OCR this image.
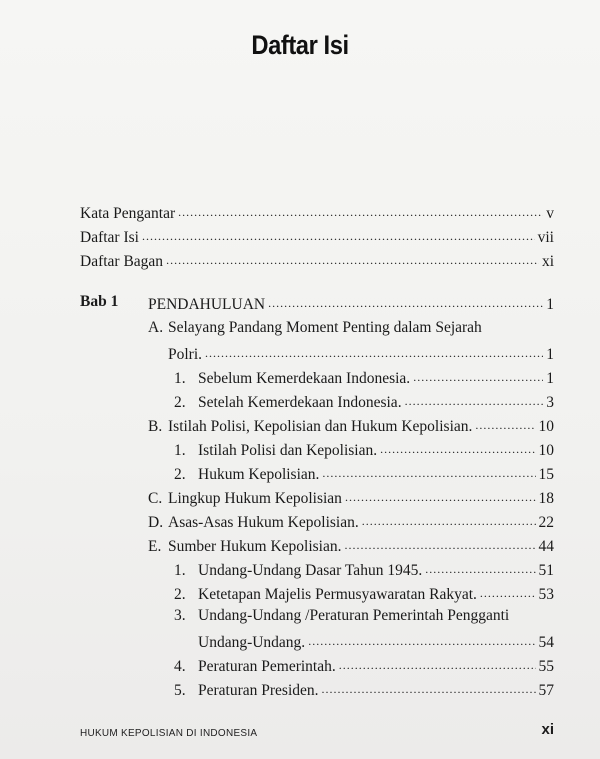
Daftar Isi
Kata Pengantar .....	v
Daftar Isi .....	vii
Daftar Bagan .....	xi
Bab 1 PENDAHULUAN .....	1
A. Selayang Pandang Moment Penting dalam Sejarah
Polri. .....	1
1. Sebelum Kemerdekaan Indonesia. .....	1
2. Setelah Kemerdekaan Indonesia. .....	3
B. Istilah Polisi, Kepolisian dan Hukum Kepolisian. .....	10
1. Istilah Polisi dan Kepolisian. .....	10
2. Hukum Kepolisian. .....	15
C. Lingkup Hukum Kepolisian .....	18
D. Asas-Asas Hukum Kepolisian. .....	22
E. Sumber Hukum Kepolisian. .....	44
1. Undang-Undang Dasar Tahun 1945. .....	51
2. Ketetapan Majelis Permusyawaratan Rakyat. .....	53
3. Undang-Undang /Peraturan Pemerintah Pengganti
Undang-Undang. .....	54
4. Peraturan Pemerintah. .....	55
5. Peraturan Presiden. .....	57
HUKUM KEPOLISIAN DI INDONESIA	xi
